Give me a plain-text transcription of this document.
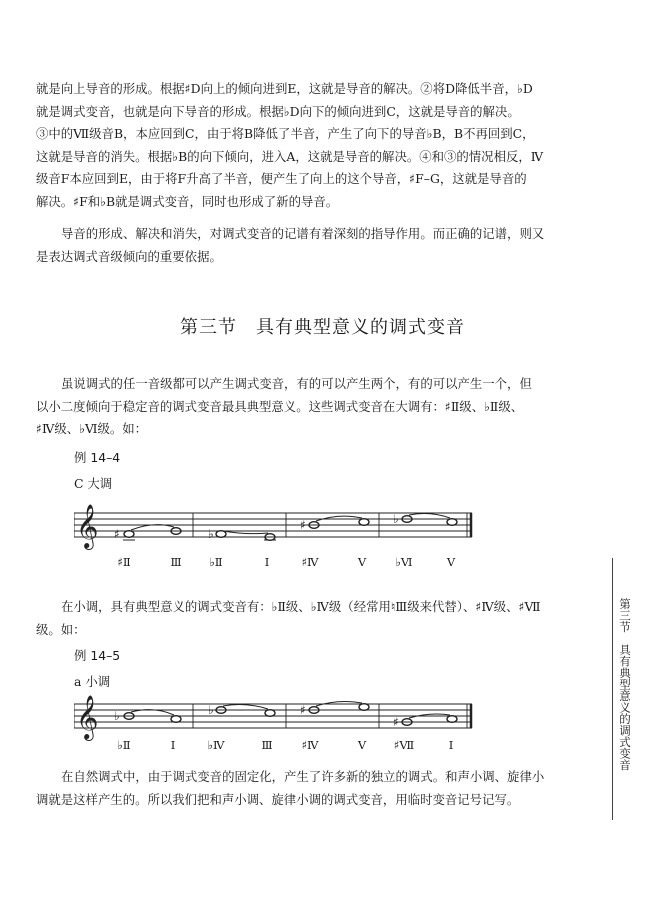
就是向上导音的形成。根据♯D向上的倾向进到E，这就是导音的解决。②将D降低半音，♭D
就是调式变音，也就是向下导音的形成。根据♭D向下的倾向进到C，这就是导音的解决。
③中的Ⅶ级音B，本应回到C，由于将B降低了半音，产生了向下的导音♭B，B不再回到C，
这就是导音的消失。根据♭B的向下倾向，进入A，这就是导音的解决。④和③的情况相反，Ⅳ
级音F本应回到E，由于将F升高了半音，便产生了向上的这个导音，♯F–G，这就是导音的
解决。♯F和♭B就是调式变音，同时也形成了新的导音。
导音的形成、解决和消失，对调式变音的记谱有着深刻的指导作用。而正确的记谱，则又
是表达调式音级倾向的重要依据。
第三节　具有典型意义的调式变音
虽说调式的任一音级都可以产生调式变音，有的可以产生两个，有的可以产生一个，但
以小二度倾向于稳定音的调式变音最具典型意义。这些调式变音在大调有：♯Ⅱ级、♭Ⅱ级、
♯Ⅳ级、♭Ⅵ级。如：
例 14–4
C 大调
𝄞 ♯	♭
♯	♭
♯Ⅱ	Ⅲ ♭Ⅱ	Ⅰ	♯Ⅳ	Ⅴ	♭Ⅵ	Ⅴ
在小调，具有典型意义的调式变音有：♭Ⅱ级、♭Ⅳ级（经常用♮Ⅲ级来代替）、♯Ⅳ级、♯Ⅶ
级。如：
例 14–5
a 小调
𝄞 ♭	♭	♯
♯
♭Ⅱ	Ⅰ	♭Ⅳ	Ⅲ	♯Ⅳ	Ⅴ ♯Ⅶ	Ⅰ
在自然调式中，由于调式变音的固定化，产生了许多新的独立的调式。和声小调、旋律小
调就是这样产生的。所以我们把和声小调、旋律小调的调式变音，用临时变音记号记写。
第三节　具有典型意义的调式变音
